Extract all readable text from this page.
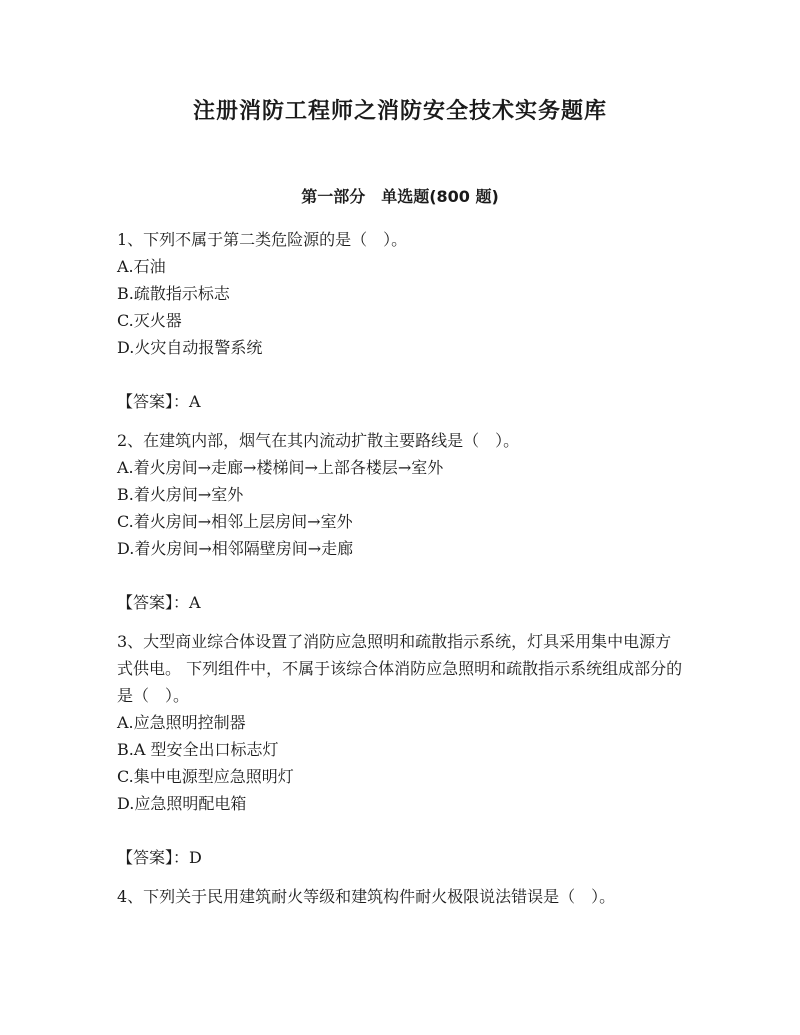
注册消防工程师之消防安全技术实务题库
第一部分　单选题(800 题)

1、下列不属于第二类危险源的是（　）。

A.石油

B.疏散指示标志

C.灭火器

D.火灾自动报警系统

【答案】：A

2、在建筑内部，烟气在其内流动扩散主要路线是（　）。

A.着火房间→走廊→楼梯间→上部各楼层→室外

B.着火房间→室外

C.着火房间→相邻上层房间→室外

D.着火房间→相邻隔壁房间→走廊

【答案】：A

3、大型商业综合体设置了消防应急照明和疏散指示系统，灯具采用集中电源方式供电。 下列组件中，不属于该综合体消防应急照明和疏散指示系统组成部分的是（　）。

A.应急照明控制器

B.A 型安全出口标志灯

C.集中电源型应急照明灯

D.应急照明配电箱

【答案】：D

4、下列关于民用建筑耐火等级和建筑构件耐火极限说法错误是（　）。
